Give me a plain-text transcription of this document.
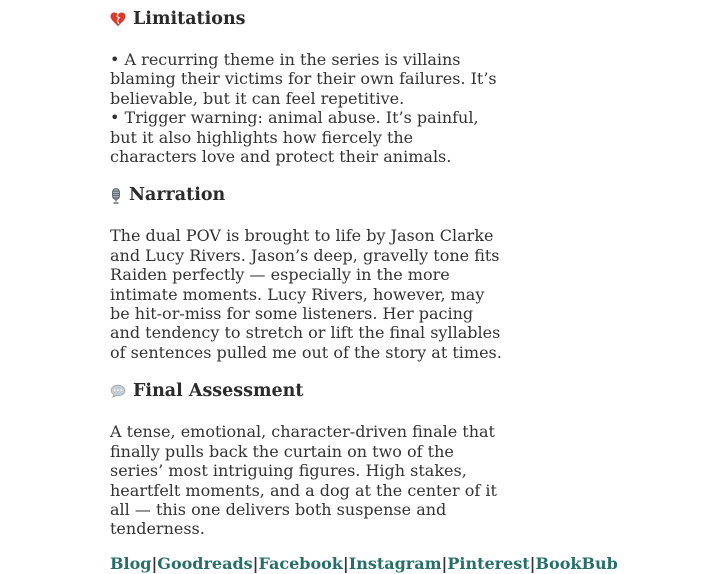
Limitations
• A recurring theme in the series is villains blaming their victims for their own failures. It’s believable, but it can feel repetitive.
• Trigger warning: animal abuse. It’s painful, but it also highlights how fiercely the characters love and protect their animals.
Narration
The dual POV is brought to life by Jason Clarke and Lucy Rivers. Jason’s deep, gravelly tone fits Raiden perfectly — especially in the more intimate moments. Lucy Rivers, however, may be hit-or-miss for some listeners. Her pacing and tendency to stretch or lift the final syllables of sentences pulled me out of the story at times.
Final Assessment
A tense, emotional, character-driven finale that finally pulls back the curtain on two of the series’ most intriguing figures. High stakes, heartfelt moments, and a dog at the center of it all — this one delivers both suspense and tenderness.
Blog|Goodreads|Facebook|Instagram|Pinterest|BookBub
